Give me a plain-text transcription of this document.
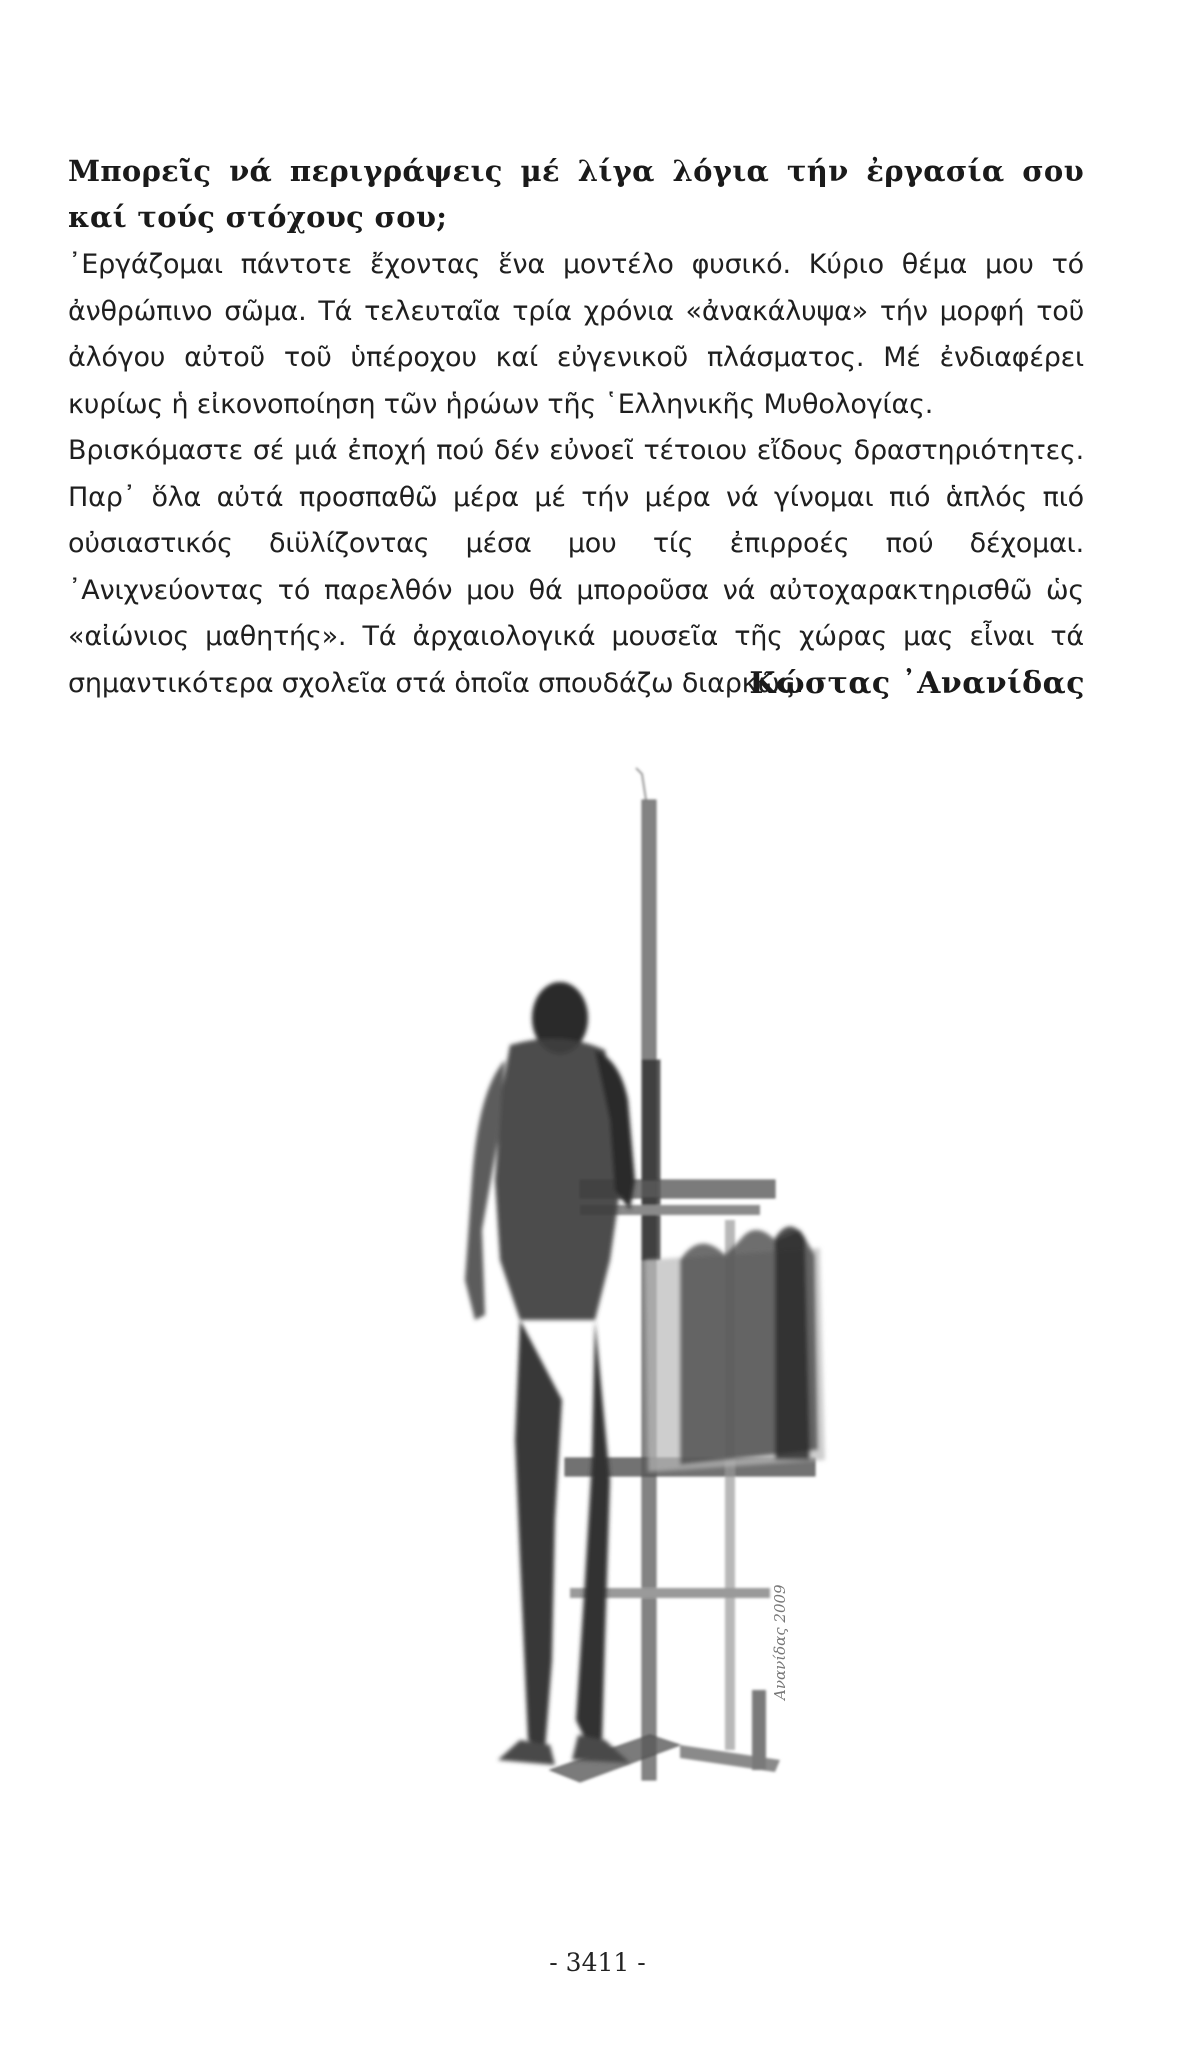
Μπορεῖς νά περιγράψεις μέ λίγα λόγια τήν ἐργασία σου καί τούς στόχους σου;

᾿Εργάζομαι πάντοτε ἔχοντας ἕνα μοντέλο φυσικό. Κύριο θέμα μου τό ἀνθρώπινο σῶμα. Τά τελευταῖα τρία χρόνια «ἀνακάλυψα» τήν μορφή τοῦ ἀλόγου αὐτοῦ τοῦ ὑπέροχου καί εὐγενικοῦ πλάσματος. Μέ ἐνδιαφέρει κυρίως ἡ εἰκονοποίηση τῶν ἡρώων τῆς ῾Ελληνικῆς Μυθολογίας.

Βρισκόμαστε σέ μιά ἐποχή πού δέν εὐνοεῖ τέτοιου εἴδους δραστηριότητες. Παρ᾿ ὅλα αὐτά προσπαθῶ μέρα μέ τήν μέρα νά γίνομαι πιό ἁπλός πιό οὐσιαστικός διϋλίζοντας μέσα μου τίς ἐπιρροές πού δέχομαι. ᾿Ανιχνεύοντας τό παρελθόν μου θά μποροῦσα νά αὐτοχαρακτηρισθῶ ὡς «αἰώνιος μαθητής». Τά ἀρχαιολογικά μουσεῖα τῆς χώρας μας εἶναι τά σημαντικότερα σχολεῖα στά ὁποῖα σπουδάζω διαρκῶς.

Κώστας ᾿Ανανίδας
Ανανίδας 2009
- 3411 -
